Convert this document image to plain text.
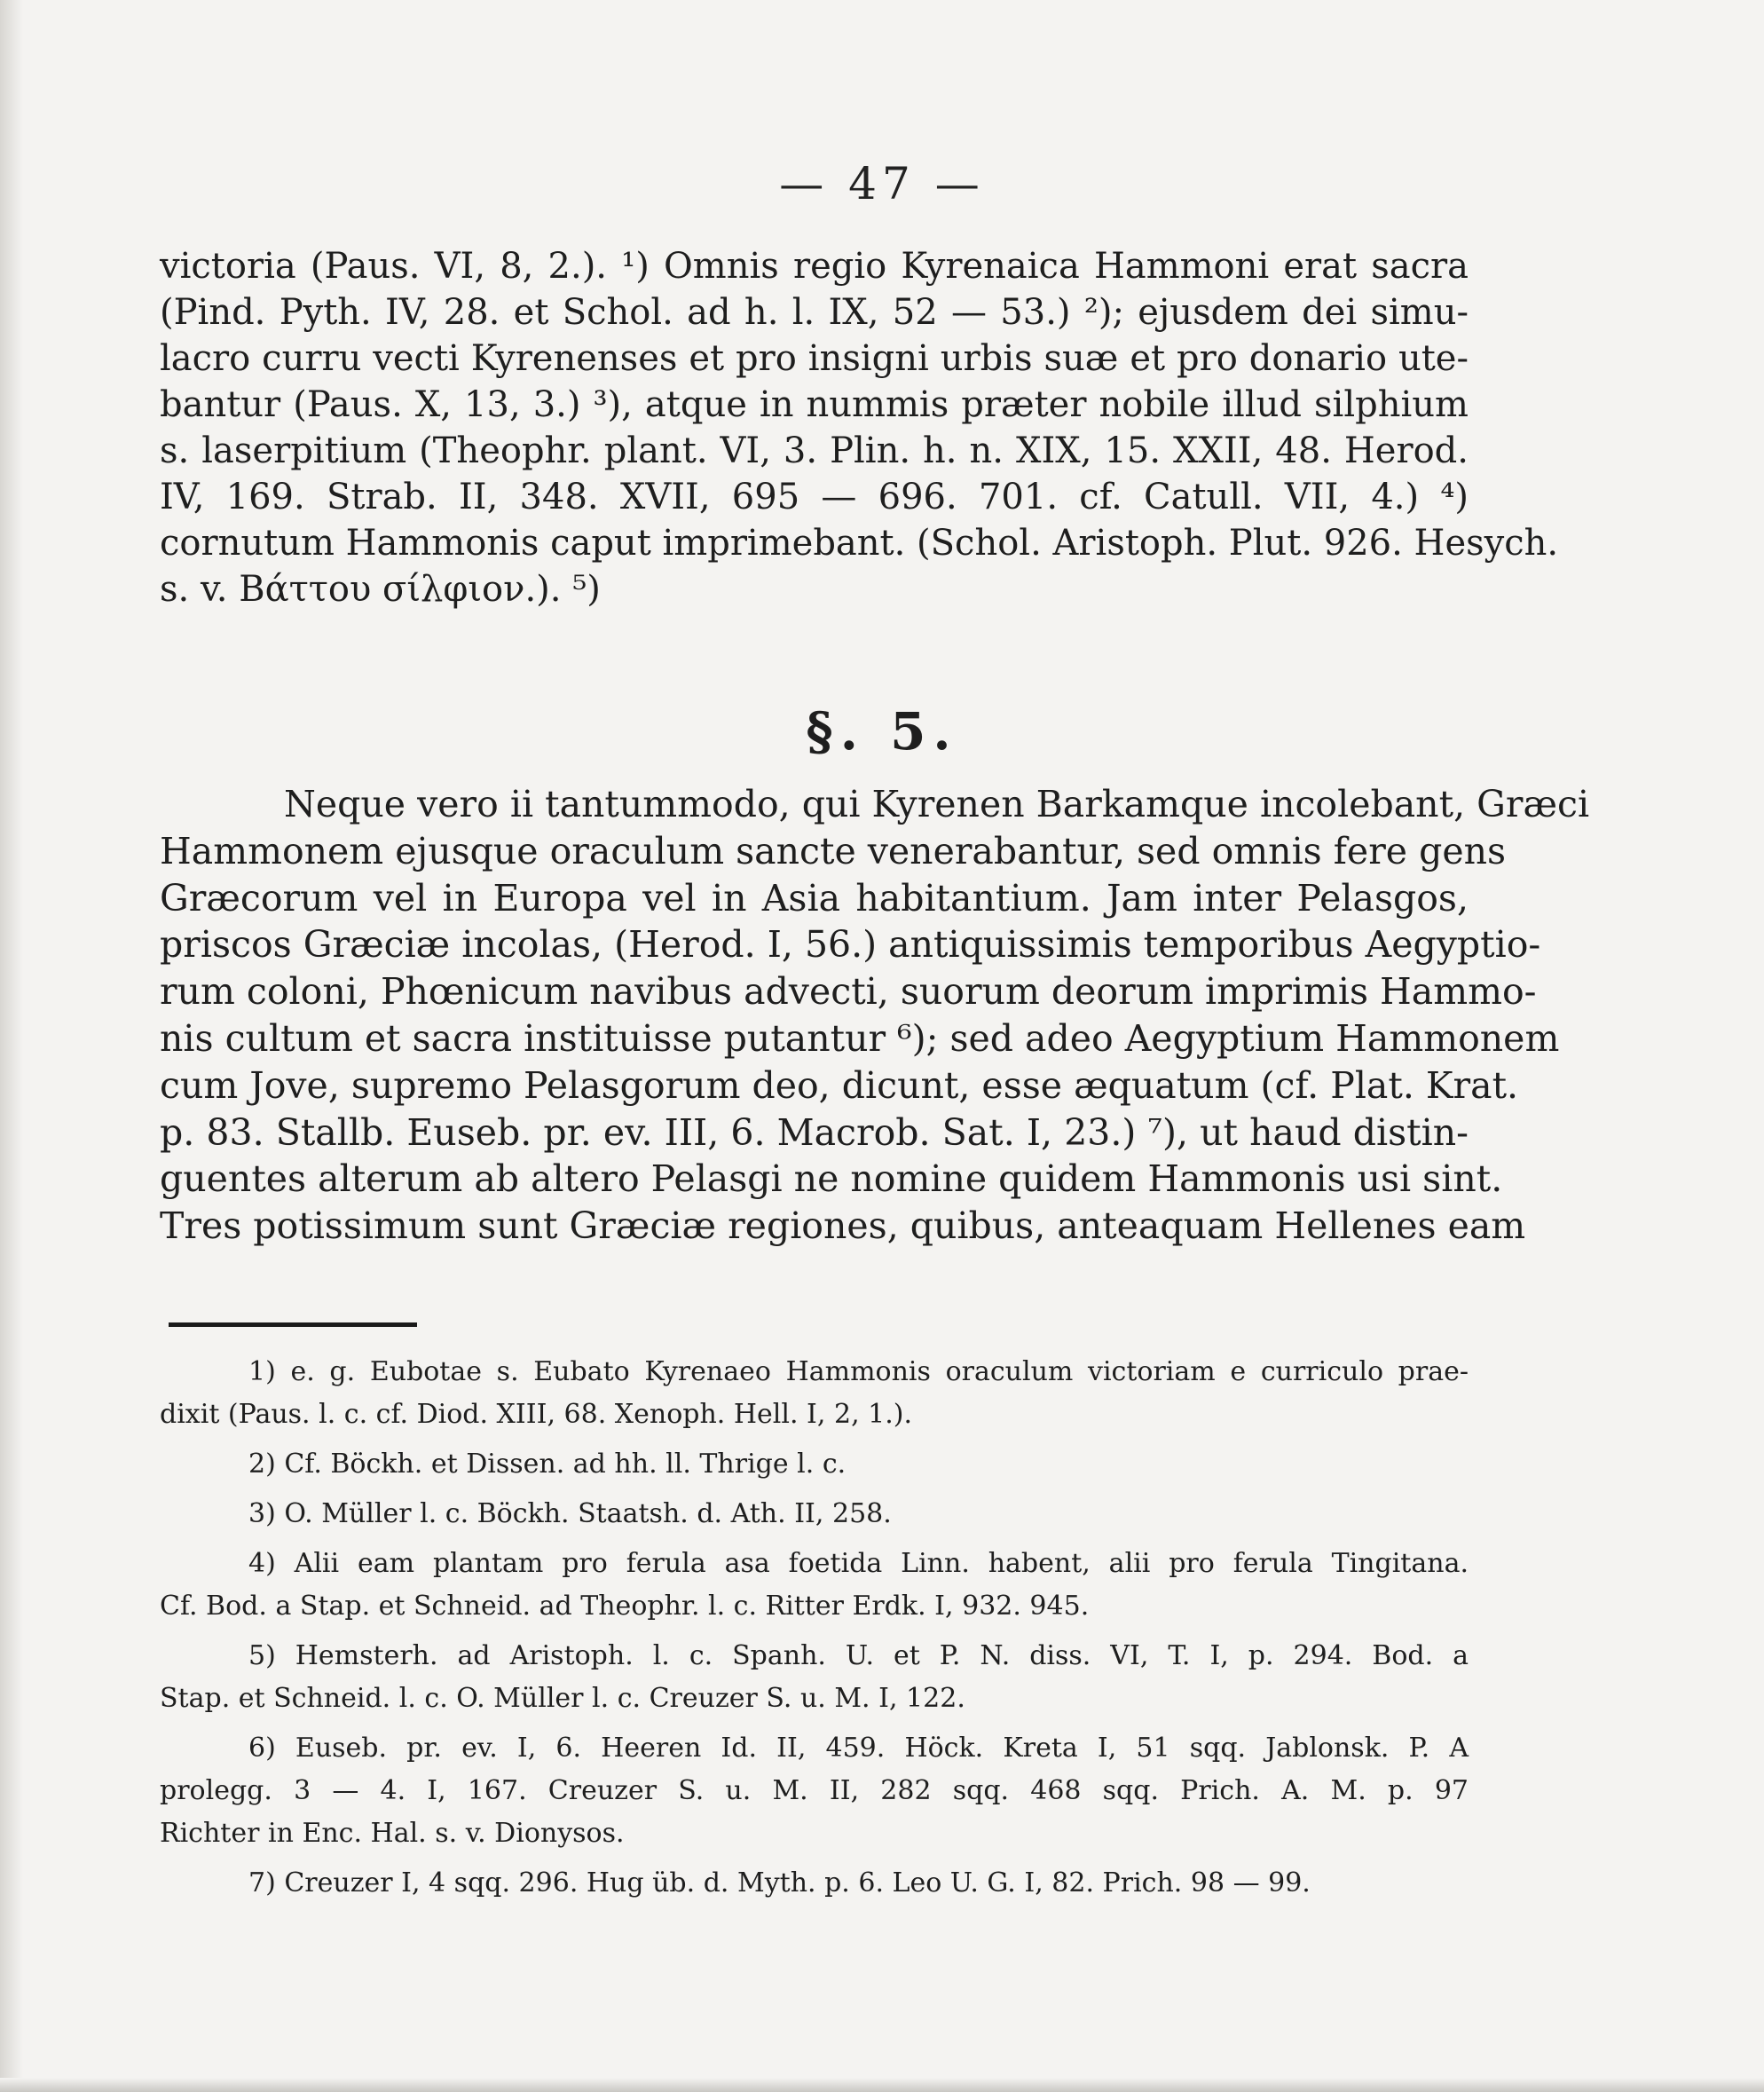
— 47 —
victoria (Paus. VI, 8, 2.). ¹) Omnis regio Kyrenaica Hammoni erat sacra
(Pind. Pyth. IV, 28. et Schol. ad h. l. IX, 52 — 53.) ²); ejusdem dei simu-
lacro curru vecti Kyrenenses et pro insigni urbis suæ et pro donario ute-
bantur (Paus. X, 13, 3.) ³), atque in nummis præter nobile illud silphium
s. laserpitium (Theophr. plant. VI, 3. Plin. h. n. XIX, 15. XXII, 48. Herod.
IV, 169. Strab. II, 348. XVII, 695 — 696. 701. cf. Catull. VII, 4.) ⁴)
cornutum Hammonis caput imprimebant. (Schol. Aristoph. Plut. 926. Hesych.
s. v. Βάττου σίλφιον.). ⁵)
§. 5.
Neque vero ii tantummodo, qui Kyrenen Barkamque incolebant, Græci
Hammonem ejusque oraculum sancte venerabantur, sed omnis fere gens
Græcorum vel in Europa vel in Asia habitantium. Jam inter Pelasgos,
priscos Græciæ incolas, (Herod. I, 56.) antiquissimis temporibus Aegyptio-
rum coloni, Phœnicum navibus advecti, suorum deorum imprimis Hammo-
nis cultum et sacra instituisse putantur ⁶); sed adeo Aegyptium Hammonem
cum Jove, supremo Pelasgorum deo, dicunt, esse æquatum (cf. Plat. Krat.
p. 83. Stallb. Euseb. pr. ev. III, 6. Macrob. Sat. I, 23.) ⁷), ut haud distin-
guentes alterum ab altero Pelasgi ne nomine quidem Hammonis usi sint.
Tres potissimum sunt Græciæ regiones, quibus, anteaquam Hellenes eam
1) e. g. Eubotae s. Eubato Kyrenaeo Hammonis oraculum victoriam e curriculo prae-
dixit (Paus. l. c. cf. Diod. XIII, 68. Xenoph. Hell. I, 2, 1.).
2) Cf. Böckh. et Dissen. ad hh. ll. Thrige l. c.
3) O. Müller l. c. Böckh. Staatsh. d. Ath. II, 258.
4) Alii eam plantam pro ferula asa foetida Linn. habent, alii pro ferula Tingitana.
Cf. Bod. a Stap. et Schneid. ad Theophr. l. c. Ritter Erdk. I, 932. 945.
5) Hemsterh. ad Aristoph. l. c. Spanh. U. et P. N. diss. VI, T. I, p. 294. Bod. a
Stap. et Schneid. l. c. O. Müller l. c. Creuzer S. u. M. I, 122.
6) Euseb. pr. ev. I, 6. Heeren Id. II, 459. Höck. Kreta I, 51 sqq. Jablonsk. P. A
prolegg. 3 — 4. I, 167. Creuzer S. u. M. II, 282 sqq. 468 sqq. Prich. A. M. p. 97
Richter in Enc. Hal. s. v. Dionysos.
7) Creuzer I, 4 sqq. 296. Hug üb. d. Myth. p. 6. Leo U. G. I, 82. Prich. 98 — 99.
